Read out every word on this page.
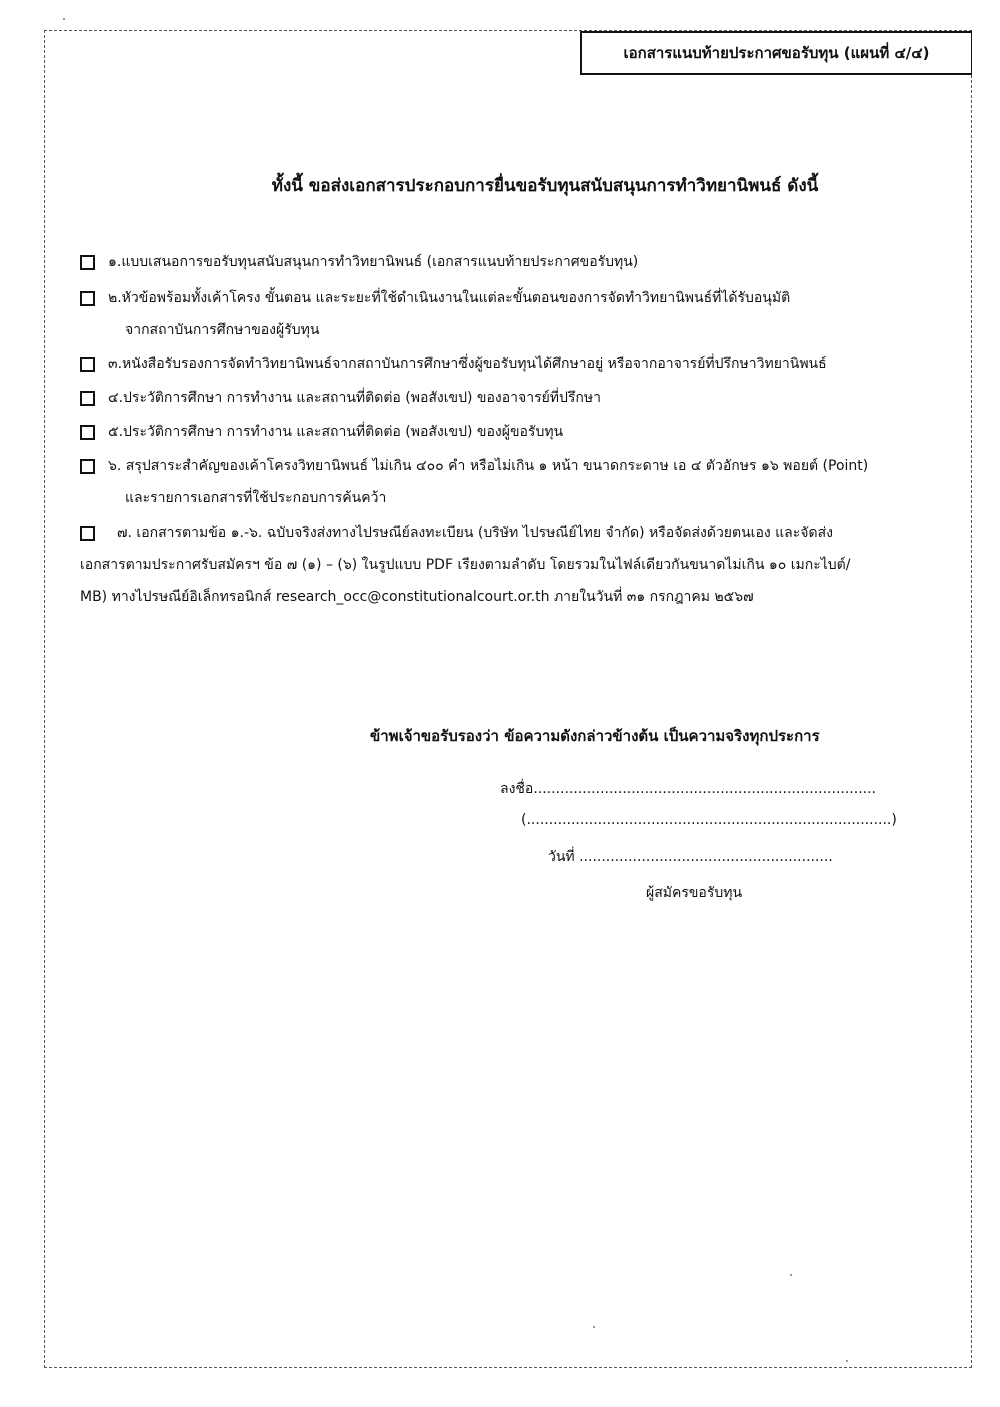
เอกสารแนบท้ายประกาศขอรับทุน (แผนที่ ๔/๔)
ทั้งนี้ ขอส่งเอกสารประกอบการยื่นขอรับทุนสนับสนุนการทำวิทยานิพนธ์ ดังนี้
๑.แบบเสนอการขอรับทุนสนับสนุนการทำวิทยานิพนธ์ (เอกสารแนบท้ายประกาศขอรับทุน)
๒.หัวข้อพร้อมทั้งเค้าโครง ขั้นตอน และระยะที่ใช้ดำเนินงานในแต่ละขั้นตอนของการจัดทำวิทยานิพนธ์ที่ได้รับอนุมัติ
จากสถาบันการศึกษาของผู้รับทุน
๓.หนังสือรับรองการจัดทำวิทยานิพนธ์จากสถาบันการศึกษาซึ่งผู้ขอรับทุนได้ศึกษาอยู่ หรือจากอาจารย์ที่ปรึกษาวิทยานิพนธ์
๔.ประวัติการศึกษา การทำงาน และสถานที่ติดต่อ (พอสังเขป) ของอาจารย์ที่ปรึกษา
๕.ประวัติการศึกษา การทำงาน และสถานที่ติดต่อ (พอสังเขป) ของผู้ขอรับทุน
๖. สรุปสาระสำคัญของเค้าโครงวิทยานิพนธ์ ไม่เกิน ๔๐๐ คำ หรือไม่เกิน ๑ หน้า ขนาดกระดาษ เอ ๔ ตัวอักษร ๑๖ พอยต์ (Point)
และรายการเอกสารที่ใช้ประกอบการค้นคว้า
๗. เอกสารตามข้อ ๑.-๖. ฉบับจริงส่งทางไปรษณีย์ลงทะเบียน (บริษัท ไปรษณีย์ไทย จำกัด) หรือจัดส่งด้วยตนเอง และจัดส่ง
เอกสารตามประกาศรับสมัครฯ ข้อ ๗ (๑) – (๖) ในรูปแบบ PDF เรียงตามลำดับ โดยรวมในไฟล์เดียวกันขนาดไม่เกิน ๑๐ เมกะไบต์/
MB) ทางไปรษณีย์อิเล็กทรอนิกส์ research_occ@constitutionalcourt.or.th ภายในวันที่ ๓๑ กรกฎาคม ๒๕๖๗
ข้าพเจ้าขอรับรองว่า ข้อความดังกล่าวข้างต้น เป็นความจริงทุกประการ
ลงชื่อ.............................................................................
(..................................................................................)
วันที่ .........................................................
ผู้สมัครขอรับทุน
